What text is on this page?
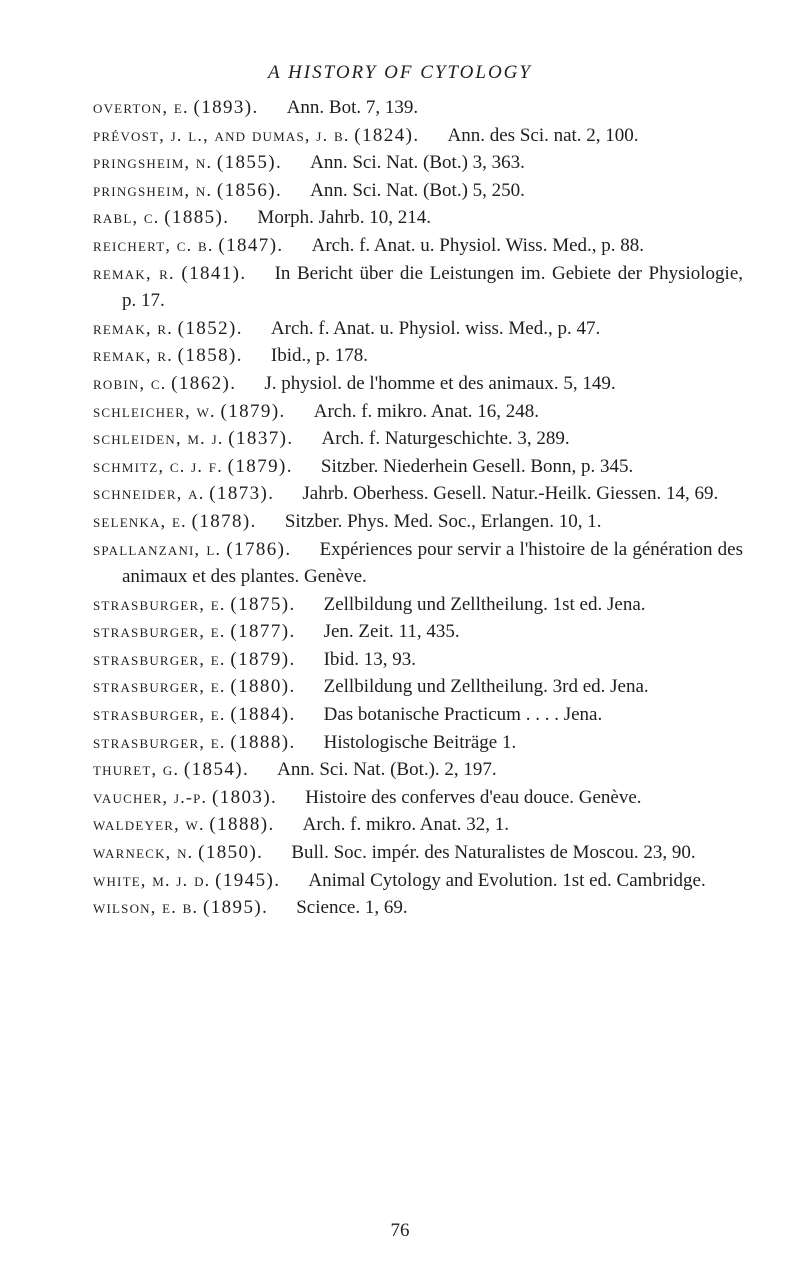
A HISTORY OF CYTOLOGY
overton, e. (1893). Ann. Bot. 7, 139.
prévost, j. l., and dumas, j. b. (1824). Ann. des Sci. nat. 2, 100.
pringsheim, n. (1855). Ann. Sci. Nat. (Bot.) 3, 363.
pringsheim, n. (1856). Ann. Sci. Nat. (Bot.) 5, 250.
rabl, c. (1885). Morph. Jahrb. 10, 214.
reichert, c. b. (1847). Arch. f. Anat. u. Physiol. Wiss. Med., p. 88.
remak, r. (1841). In Bericht über die Leistungen im. Gebiete der Physiologie, p. 17.
remak, r. (1852). Arch. f. Anat. u. Physiol. wiss. Med., p. 47.
remak, r. (1858). Ibid., p. 178.
robin, c. (1862). J. physiol. de l'homme et des animaux. 5, 149.
schleicher, w. (1879). Arch. f. mikro. Anat. 16, 248.
schleiden, m. j. (1837). Arch. f. Naturgeschichte. 3, 289.
schmitz, c. j. f. (1879). Sitzber. Niederhein Gesell. Bonn, p. 345.
schneider, a. (1873). Jahrb. Oberhess. Gesell. Natur.-Heilk. Giessen. 14, 69.
selenka, e. (1878). Sitzber. Phys. Med. Soc., Erlangen. 10, 1.
spallanzani, l. (1786). Expériences pour servir a l'histoire de la génération des animaux et des plantes. Genève.
strasburger, e. (1875). Zellbildung und Zelltheilung. 1st ed. Jena.
strasburger, e. (1877). Jen. Zeit. 11, 435.
strasburger, e. (1879). Ibid. 13, 93.
strasburger, e. (1880). Zellbildung und Zelltheilung. 3rd ed. Jena.
strasburger, e. (1884). Das botanische Practicum . . . . Jena.
strasburger, e. (1888). Histologische Beiträge 1.
thuret, g. (1854). Ann. Sci. Nat. (Bot.). 2, 197.
vaucher, j.-p. (1803). Histoire des conferves d'eau douce. Genève.
waldeyer, w. (1888). Arch. f. mikro. Anat. 32, 1.
warneck, n. (1850). Bull. Soc. impér. des Naturalistes de Moscou. 23, 90.
white, m. j. d. (1945). Animal Cytology and Evolution. 1st ed. Cambridge.
wilson, e. b. (1895). Science. 1, 69.
76
